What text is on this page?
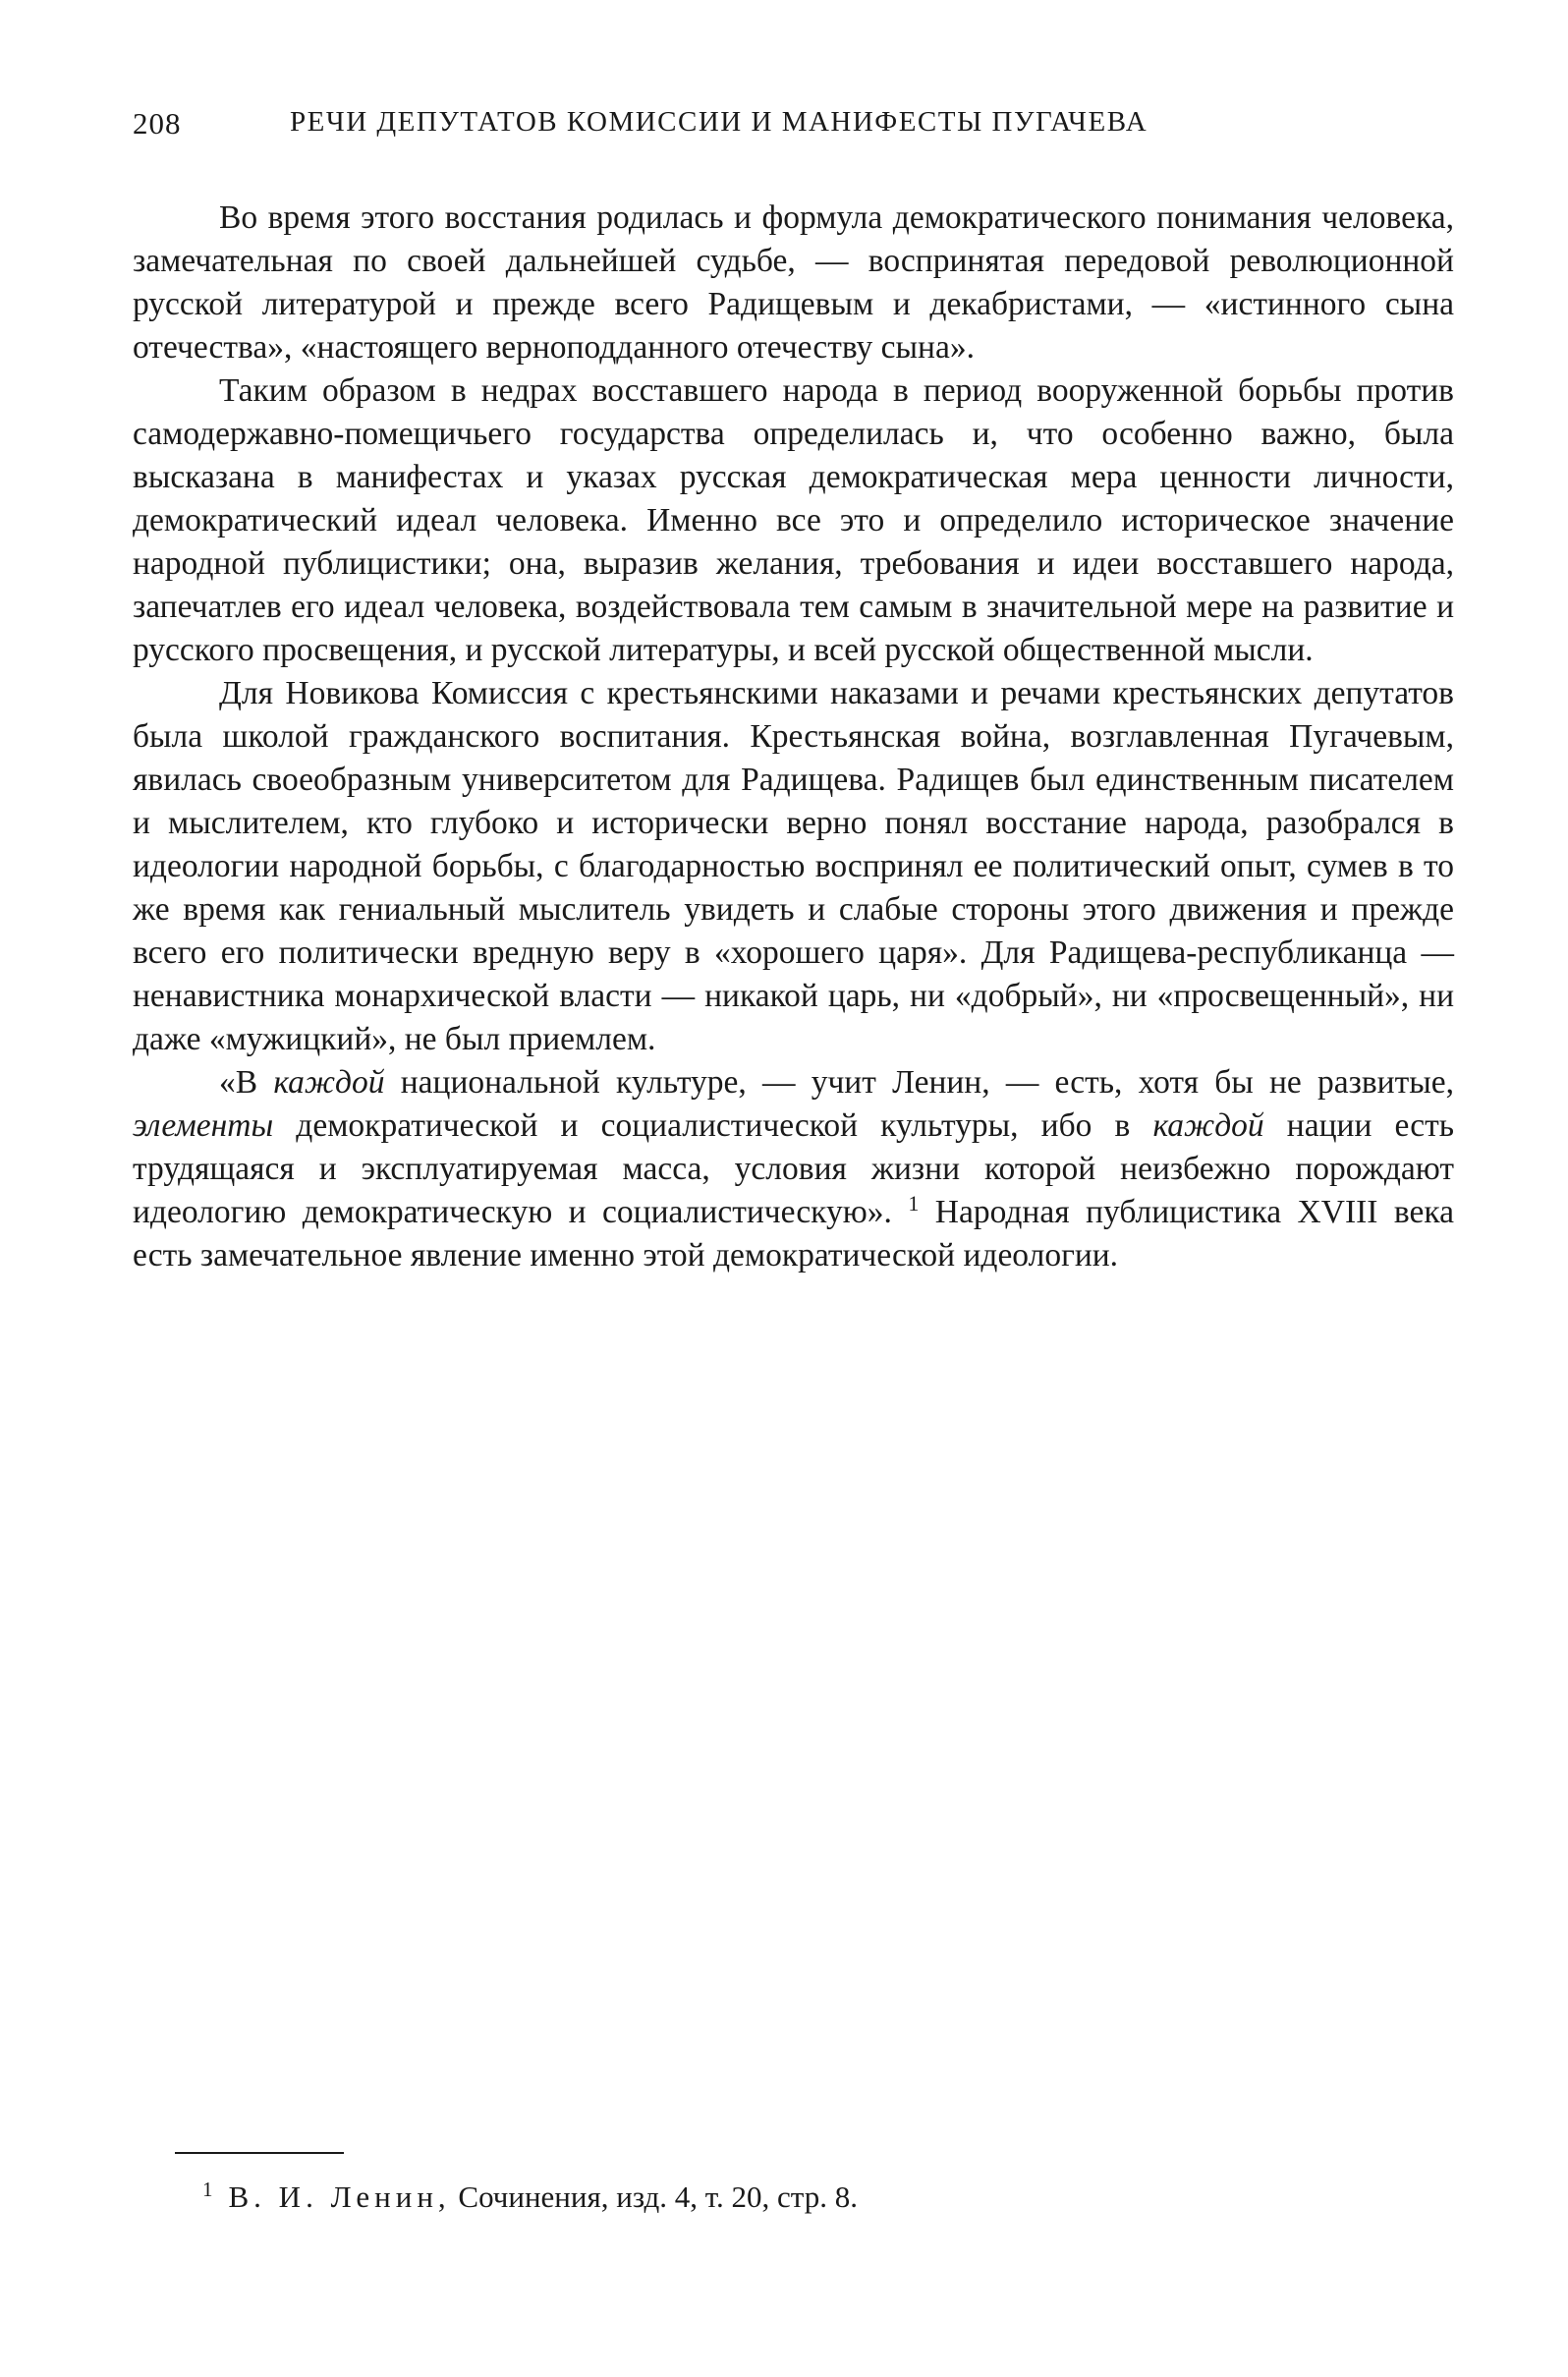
208	РЕЧИ ДЕПУТАТОВ КОМИССИИ И МАНИФЕСТЫ ПУГАЧЕВА

Во время этого восстания родилась и формула демократического понимания человека, замечательная по своей дальнейшей судьбе, — воспринятая передовой революционной русской литературой и прежде всего Радищевым и декабристами, — «истинного сына отечества», «настоящего верноподданного отечеству сына».

Таким образом в недрах восставшего народа в период вооруженной борьбы против самодержавно-помещичьего государства определилась и, что особенно важно, была высказана в манифестах и указах русская демократическая мера ценности личности, демократический идеал человека. Именно все это и определило историческое значение народной публицистики; она, выразив желания, требования и идеи восставшего народа, запечатлев его идеал человека, воздействовала тем самым в значительной мере на развитие и русского просвещения, и русской литературы, и всей русской общественной мысли.

Для Новикова Комиссия с крестьянскими наказами и речами крестьянских депутатов была школой гражданского воспитания. Крестьянская война, возглавленная Пугачевым, явилась своеобразным университетом для Радищева. Радищев был единственным писателем и мыслителем, кто глубоко и исторически верно понял восстание народа, разобрался в идеологии народной борьбы, с благодарностью воспринял ее политический опыт, сумев в то же время как гениальный мыслитель увидеть и слабые стороны этого движения и прежде всего его политически вредную веру в «хорошего царя». Для Радищева-республиканца — ненавистника монархической власти — никакой царь, ни «добрый», ни «просвещенный», ни даже «мужицкий», не был приемлем.

«В каждой национальной культуре, — учит Ленин, — есть, хотя бы не развитые, элементы демократической и социалистической культуры, ибо в каждой нации есть трудящаяся и эксплуатируемая масса, условия жизни которой неизбежно порождают идеологию демократическую и социалистическую». $^1$ Народная публицистика XVIII века есть замечательное явление именно этой демократической идеологии.

$^1$ В. И. Ленин, Сочинения, изд. 4, т. 20, стр. 8.
